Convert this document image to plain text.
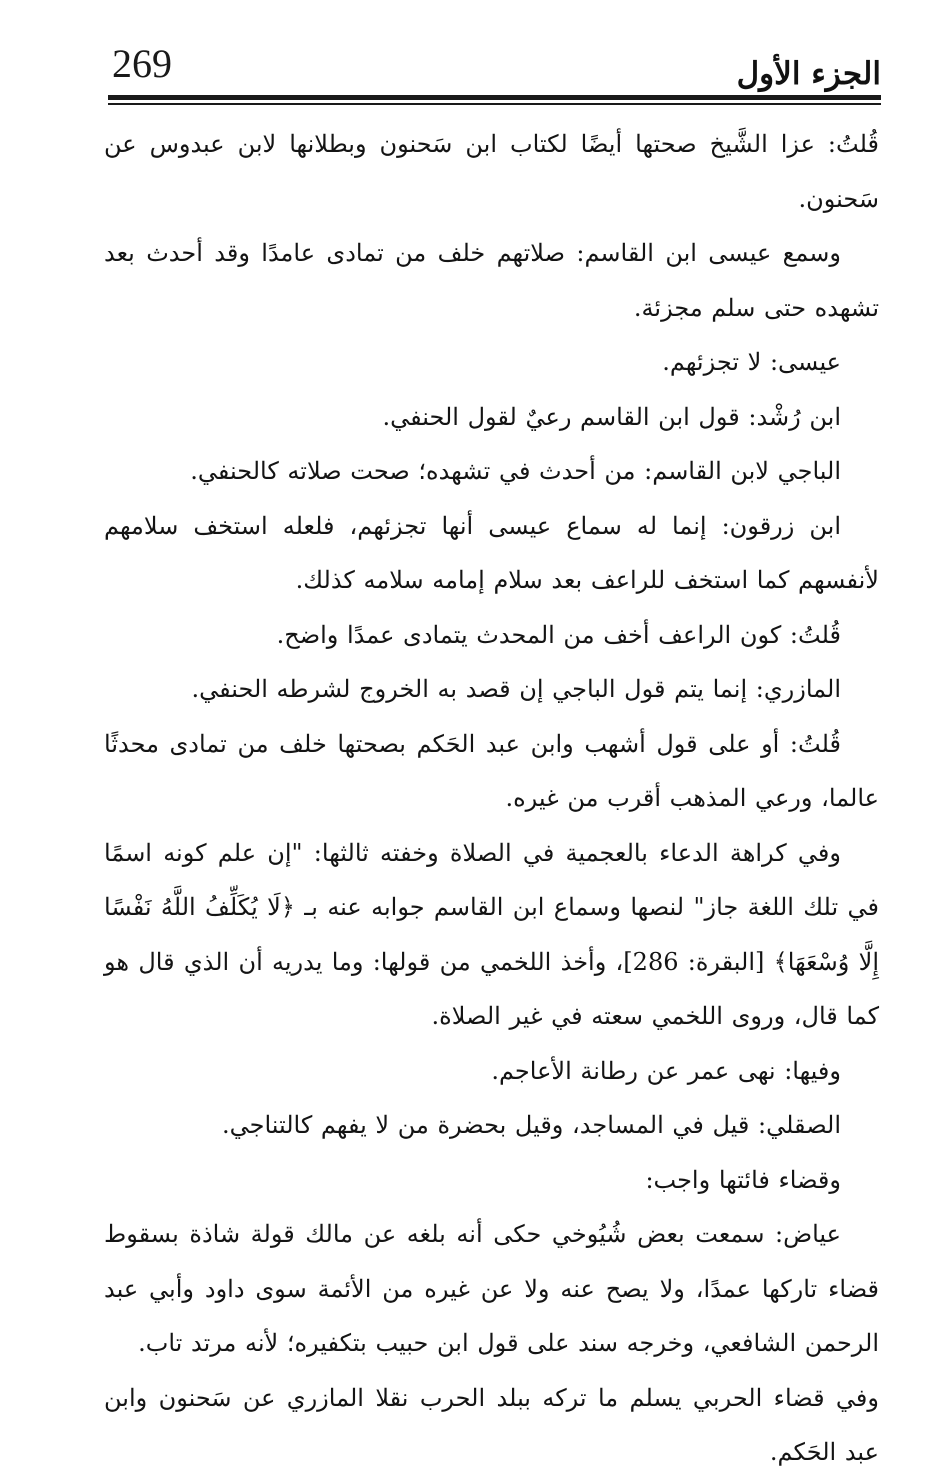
269	الجزء الأول

قُلتُ: عزا الشَّيخ صحتها أيضًا لكتاب ابن سَحنون وبطلانها لابن عبدوس عن سَحنون.

وسمع عيسى ابن القاسم: صلاتهم خلف من تمادى عامدًا وقد أحدث بعد تشهده حتى سلم مجزئة.

عيسى: لا تجزئهم.

ابن رُشْد: قول ابن القاسم رعيٌ لقول الحنفي.

الباجي لابن القاسم: من أحدث في تشهده؛ صحت صلاته كالحنفي.

ابن زرقون: إنما له سماع عيسى أنها تجزئهم، فلعله استخف سلامهم لأنفسهم كما استخف للراعف بعد سلام إمامه سلامه كذلك.

قُلتُ: كون الراعف أخف من المحدث يتمادى عمدًا واضح.

المازري: إنما يتم قول الباجي إن قصد به الخروج لشرطه الحنفي.

قُلتُ: أو على قول أشهب وابن عبد الحَكم بصحتها خلف من تمادى محدثًا عالما، ورعي المذهب أقرب من غيره.

وفي كراهة الدعاء بالعجمية في الصلاة وخفته ثالثها: "إن علم كونه اسمًا في تلك اللغة جاز" لنصها وسماع ابن القاسم جوابه عنه بـ ﴿لَا يُكَلِّفُ اللَّهُ نَفْسًا إِلَّا وُسْعَهَا﴾ [البقرة: 286]، وأخذ اللخمي من قولها: وما يدريه أن الذي قال هو كما قال، وروى اللخمي سعته في غير الصلاة.

وفيها: نهى عمر عن رطانة الأعاجم.

الصقلي: قيل في المساجد، وقيل بحضرة من لا يفهم كالتناجي.

وقضاء فائتها واجب:

عياض: سمعت بعض شُيُوخي حكى أنه بلغه عن مالك قولة شاذة بسقوط قضاء تاركها عمدًا، ولا يصح عنه ولا عن غيره من الأئمة سوى داود وأبي عبد الرحمن الشافعي، وخرجه سند على قول ابن حبيب بتكفيره؛ لأنه مرتد تاب.

وفي قضاء الحربي يسلم ما تركه ببلد الحرب نقلا المازري عن سَحنون وابن عبد الحَكم.
